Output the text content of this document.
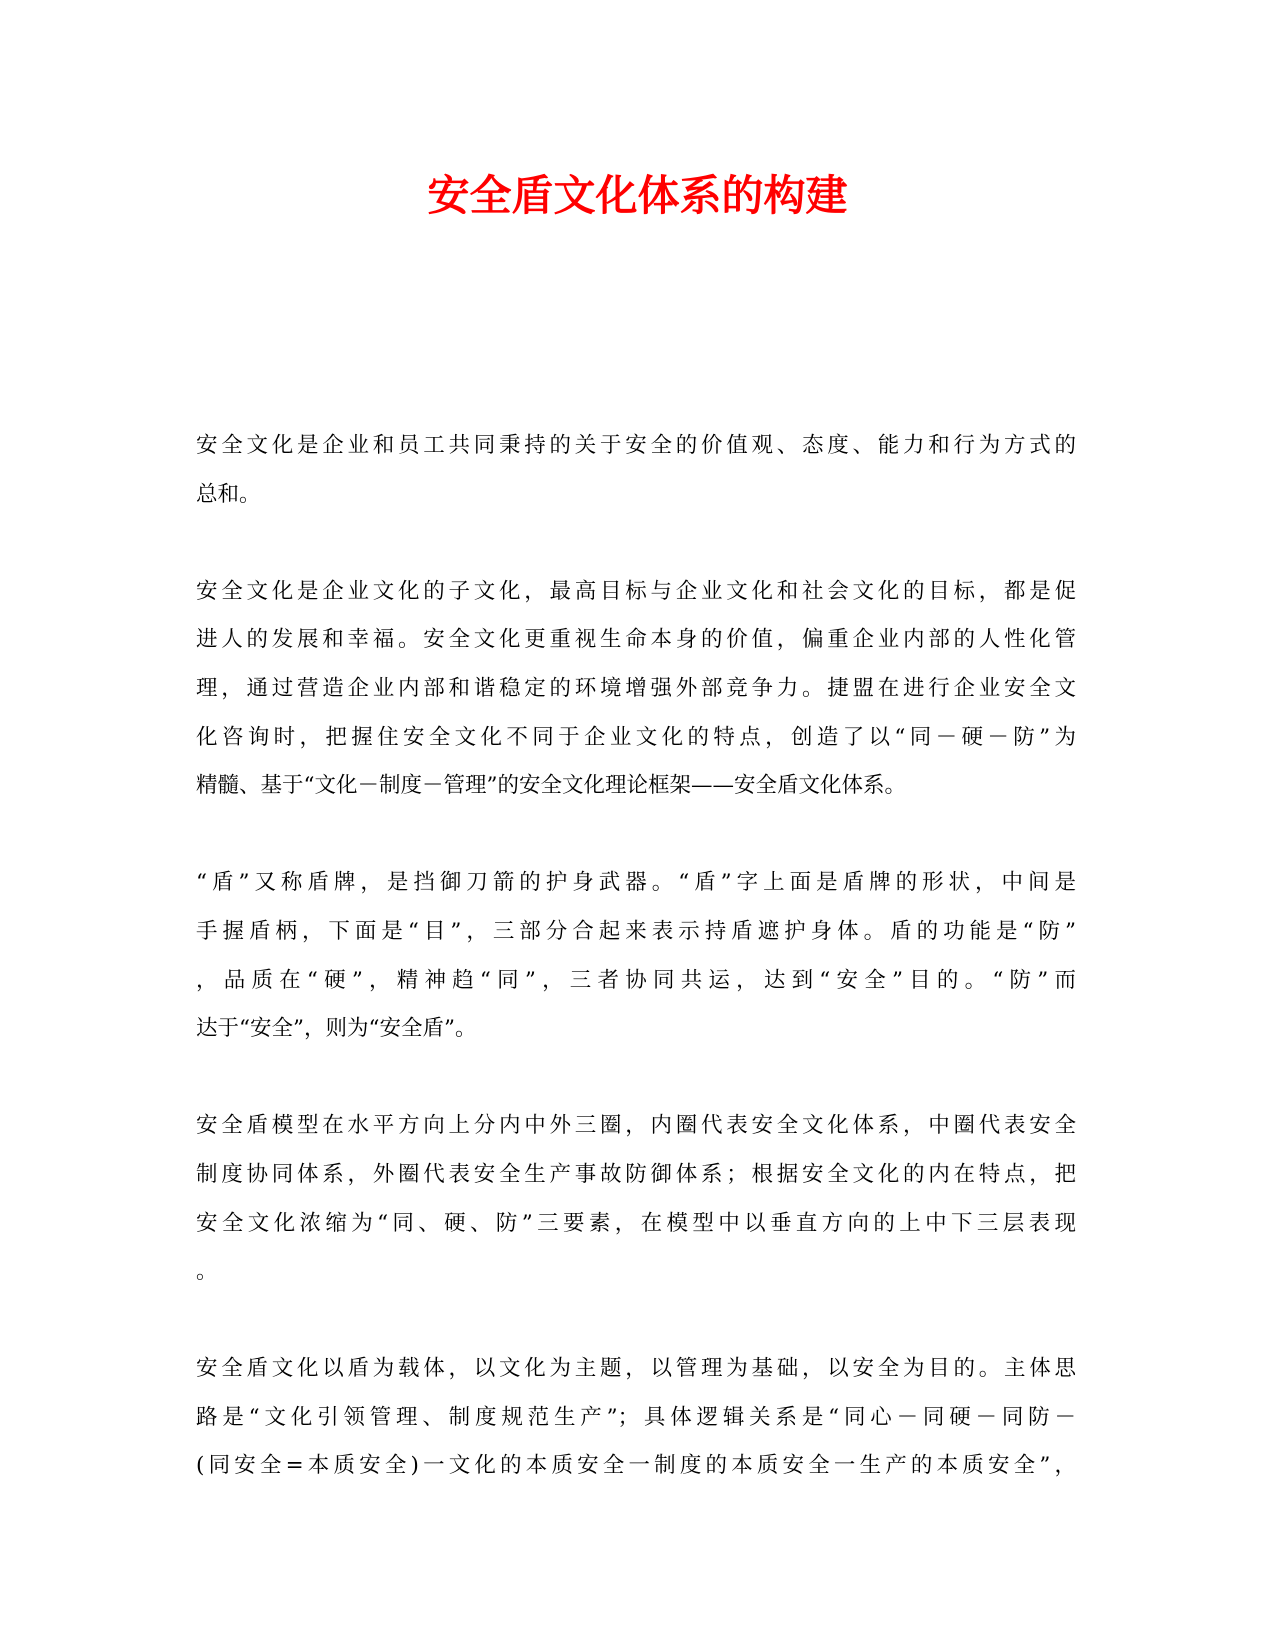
安全盾文化体系的构建

安全文化是企业和员工共同秉持的关于安全的价值观、态度、能力和行为方式的
总和。

安全文化是企业文化的子文化，最高目标与企业文化和社会文化的目标，都是促
进人的发展和幸福。安全文化更重视生命本身的价值，偏重企业内部的人性化管
理，通过营造企业内部和谐稳定的环境增强外部竞争力。捷盟在进行企业安全文
化咨询时，把握住安全文化不同于企业文化的特点，创造了以“同－硬－防”为
精髓、基于“文化－制度－管理”的安全文化理论框架——安全盾文化体系。

“盾”又称盾牌，是挡御刀箭的护身武器。“盾”字上面是盾牌的形状，中间是
手握盾柄，下面是“目”，三部分合起来表示持盾遮护身体。盾的功能是“防”
，品质在“硬”，精神趋“同”，三者协同共运，达到“安全”目的。“防”而
达于“安全”，则为“安全盾”。

安全盾模型在水平方向上分内中外三圈，内圈代表安全文化体系，中圈代表安全
制度协同体系，外圈代表安全生产事故防御体系；根据安全文化的内在特点，把
安全文化浓缩为“同、硬、防”三要素，在模型中以垂直方向的上中下三层表现
。

安全盾文化以盾为载体，以文化为主题，以管理为基础，以安全为目的。主体思
路是“文化引领管理、制度规范生产”；具体逻辑关系是“同心－同硬－同防－
(同安全=本质安全)一文化的本质安全一制度的本质安全一生产的本质安全”，
